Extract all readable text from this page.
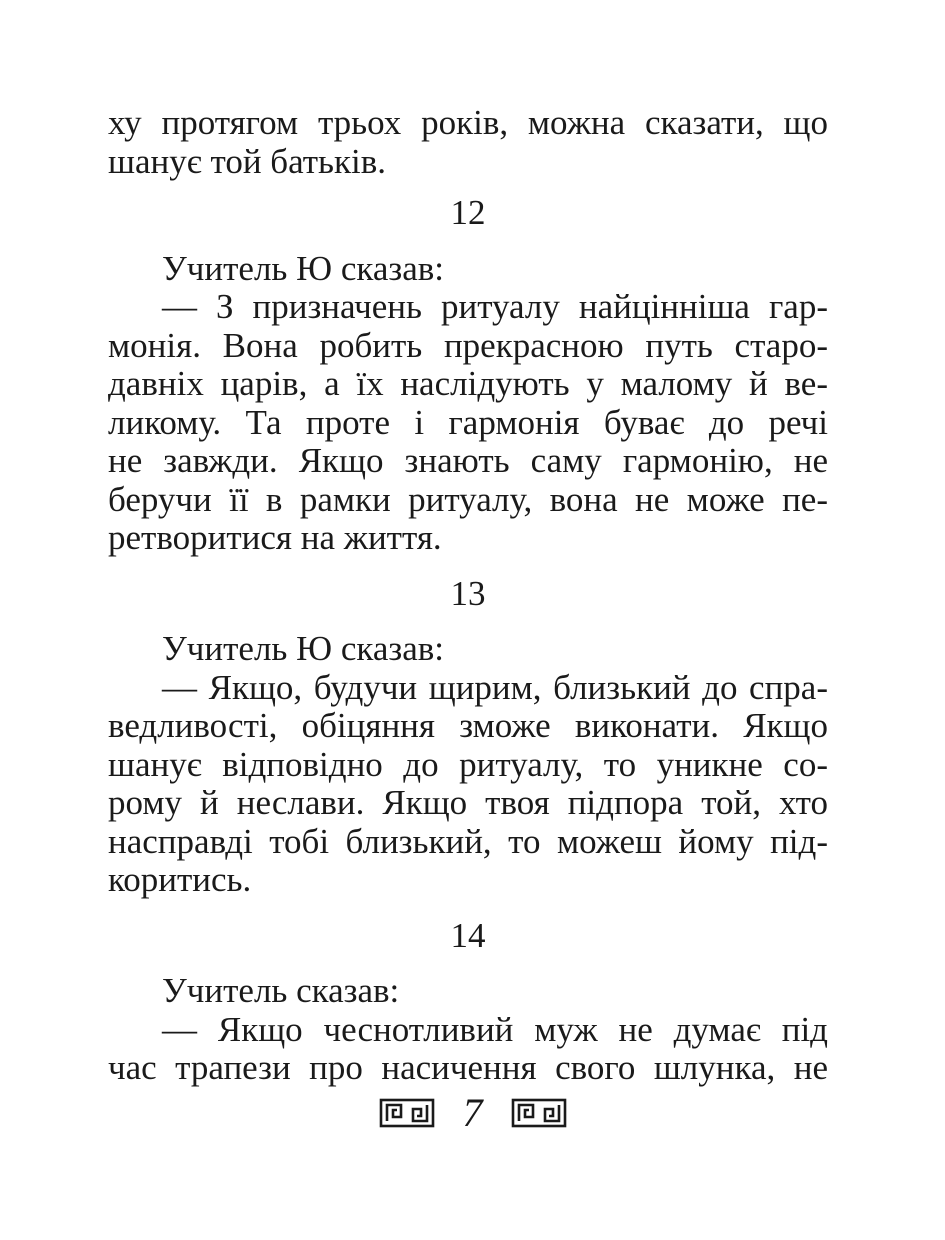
ху протягом трьох років, можна сказати, що
шанує той батьків.
12
Учитель Ю сказав:
— З призначень ритуалу найцінніша гар-
монія. Вона робить прекрасною путь старо-
давніх царів, а їх наслідують у малому й ве-
ликому. Та проте і гармонія буває до речі
не завжди. Якщо знають саму гармонію, не
беручи її в рамки ритуалу, вона не може пе-
ретворитися на життя.
13
Учитель Ю сказав:
— Якщо, будучи щирим, близький до спра-
ведливості, обіцяння зможе виконати. Якщо
шанує відповідно до ритуалу, то уникне со-
рому й неслави. Якщо твоя підпора той, хто
насправді тобі близький, то можеш йому під-
коритись.
14
Учитель сказав:
— Якщо чеснотливий муж не думає під
час трапези про насичення свого шлунка, не
7
